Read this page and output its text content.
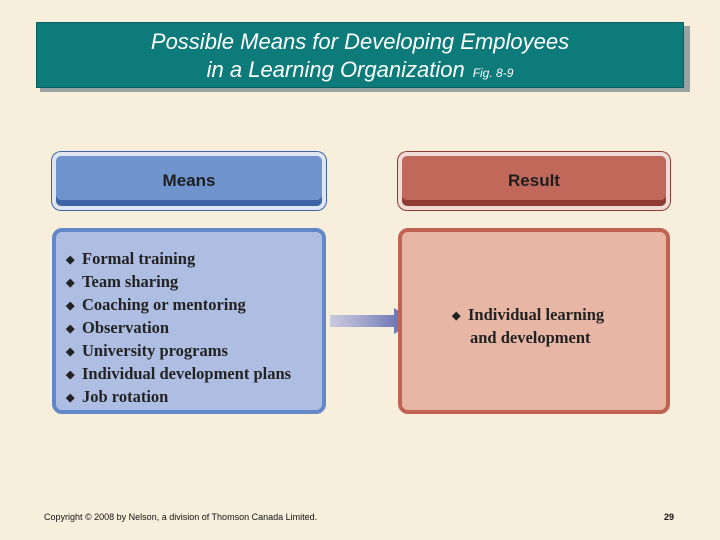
Possible Means for Developing Employees
in a Learning Organization Fig. 8-9
Means	Result
◆ Formal training
◆ Team sharing
◆ Coaching or mentoring
◆ Observation
◆ University programs
◆ Individual development plans
◆ Job rotation
◆ Individual learning
and development
Copyright © 2008 by Nelson, a division of Thomson Canada Limited.	29
